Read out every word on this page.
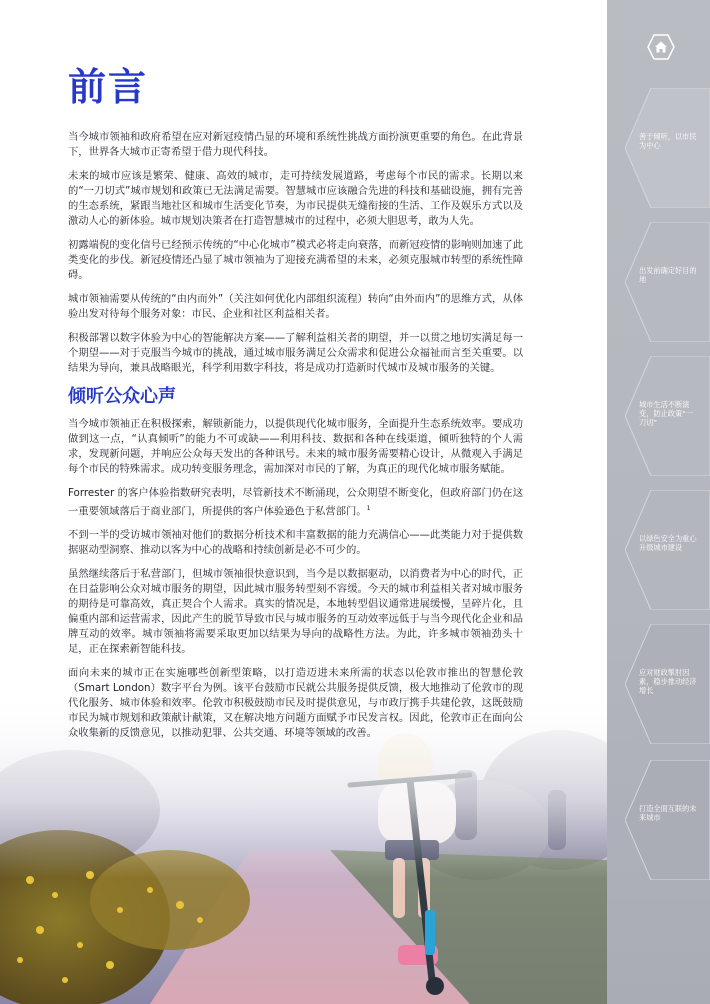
前言

当今城市领袖和政府希望在应对新冠疫情凸显的环境和系统性挑战方面扮演更重要的角色。在此背景下，世界各大城市正寄希望于借力现代科技。

未来的城市应该是繁荣、健康、高效的城市，走可持续发展道路，考虑每个市民的需求。长期以来的“一刀切式”城市规划和政策已无法满足需要。智慧城市应该融合先进的科技和基础设施，拥有完善的生态系统，紧跟当地社区和城市生活变化节奏，为市民提供无缝衔接的生活、工作及娱乐方式以及激动人心的新体验。城市规划决策者在打造智慧城市的过程中，必须大胆思考，敢为人先。

初露端倪的变化信号已经预示传统的“中心化城市”模式必将走向衰落，而新冠疫情的影响则加速了此类变化的步伐。新冠疫情还凸显了城市领袖为了迎接充满希望的未来，必须克服城市转型的系统性障碍。

城市领袖需要从传统的“由内而外”（关注如何优化内部组织流程）转向“由外而内”的思维方式，从体验出发对待每个服务对象：市民、企业和社区利益相关者。

积极部署以数字体验为中心的智能解决方案——了解利益相关者的期望，并一以贯之地切实满足每一个期望——对于克服当今城市的挑战，通过城市服务满足公众需求和促进公众福祉而言至关重要。以结果为导向，兼具战略眼光，科学利用数字科技，将是成功打造新时代城市及城市服务的关键。

倾听公众心声

当今城市领袖正在积极探索，解锁新能力，以提供现代化城市服务，全面提升生态系统效率。要成功做到这一点，“认真倾听”的能力不可或缺——利用科技、数据和各种在线渠道，倾听独特的个人需求，发现新问题，并响应公众每天发出的各种讯号。未来的城市服务需要精心设计，从微观入手满足每个市民的特殊需求。成功转变服务理念，需加深对市民的了解，为真正的现代化城市服务赋能。

Forrester 的客户体验指数研究表明，尽管新技术不断涌现，公众期望不断变化，但政府部门仍在这一重要领域落后于商业部门，所提供的客户体验逊色于私营部门。$^1$

不到一半的受访城市领袖对他们的数据分析技术和丰富数据的能力充满信心——此类能力对于提供数据驱动型洞察、推动以客为中心的战略和持续创新是必不可少的。

虽然继续落后于私营部门，但城市领袖很快意识到，当今是以数据驱动，以消费者为中心的时代，正在日益影响公众对城市服务的期望，因此城市服务转型刻不容缓。今天的城市利益相关者对城市服务的期待是可靠高效，真正契合个人需求。真实的情况是，本地转型倡议通常进展缓慢，呈碎片化，且偏重内部和运营需求，因此产生的脱节导致市民与城市服务的互动效率远低于与当今现代化企业和品牌互动的效率。城市领袖将需要采取更加以结果为导向的战略性方法。为此，许多城市领袖劲头十足，正在探索新智能科技。

面向未来的城市正在实施哪些创新型策略，以打造迈进未来所需的状态以伦敦市推出的智慧伦敦（Smart London）数字平台为例。该平台鼓励市民就公共服务提供反馈，极大地推动了伦敦市的现代化服务、城市体验和效率。伦敦市积极鼓励市民及时提供意见，与市政厅携手共建伦敦，这既鼓励市民为城市规划和政策献计献策，又在解决地方问题方面赋予市民发言权。因此，伦敦市正在面向公众收集新的反馈意见，以推动犯罪、公共交通、环境等领域的改善。

善于倾听，以市民为中心
出发前确定好目的地
城市生活不断演变，防止政策“一刀切”
以绿色安全为重心升级城市建设
应对财政掣肘因素，稳步推动经济增长
打造全面互联的未来城市
